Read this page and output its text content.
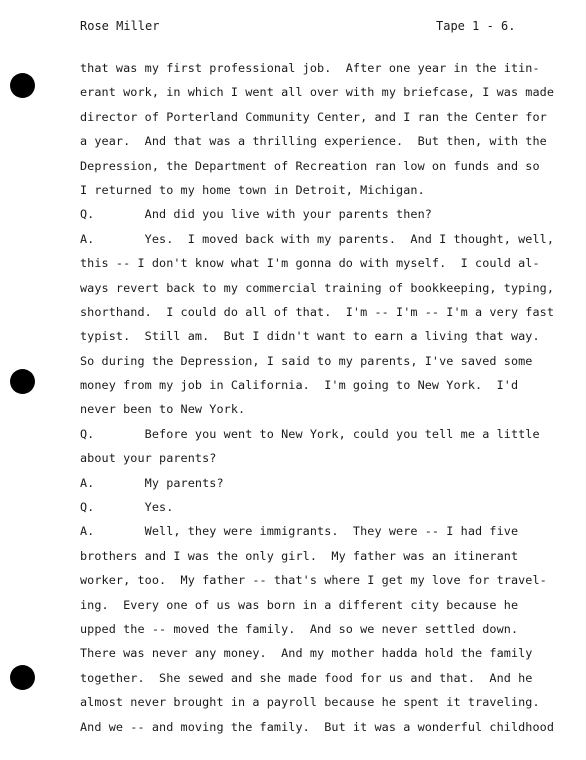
Rose Miller	Tape 1 - 6.
that was my first professional job.  After one year in the itin-
erant work, in which I went all over with my briefcase, I was made
director of Porterland Community Center, and I ran the Center for
a year.  And that was a thrilling experience.  But then, with the
Depression, the Department of Recreation ran low on funds and so
I returned to my home town in Detroit, Michigan.
Q.       And did you live with your parents then?
A.       Yes.  I moved back with my parents.  And I thought, well,
this -- I don't know what I'm gonna do with myself.  I could al-
ways revert back to my commercial training of bookkeeping, typing,
shorthand.  I could do all of that.  I'm -- I'm -- I'm a very fast
typist.  Still am.  But I didn't want to earn a living that way.
So during the Depression, I said to my parents, I've saved some
money from my job in California.  I'm going to New York.  I'd
never been to New York.
Q.       Before you went to New York, could you tell me a little
about your parents?
A.       My parents?
Q.       Yes.
A.       Well, they were immigrants.  They were -- I had five
brothers and I was the only girl.  My father was an itinerant
worker, too.  My father -- that's where I get my love for travel-
ing.  Every one of us was born in a different city because he
upped the -- moved the family.  And so we never settled down.
There was never any money.  And my mother hadda hold the family
together.  She sewed and she made food for us and that.  And he
almost never brought in a payroll because he spent it traveling.
And we -- and moving the family.  But it was a wonderful childhood
